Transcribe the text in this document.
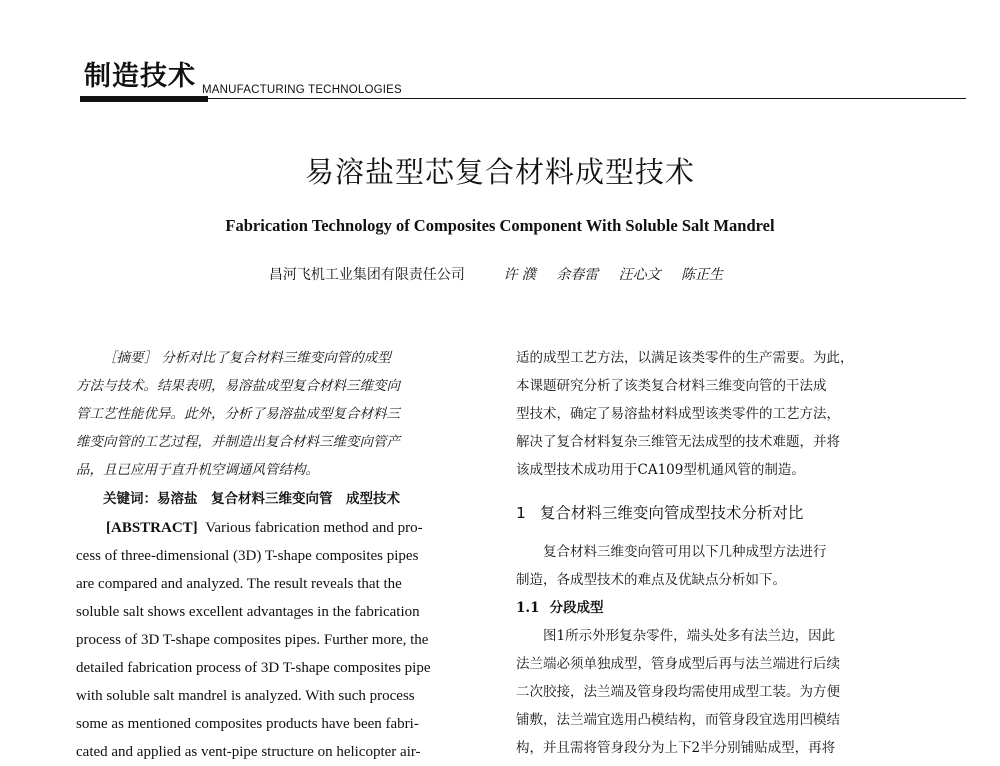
制造技术 MANUFACTURING TECHNOLOGIES
易溶盐型芯复合材料成型技术
Fabrication Technology of Composites Component With Soluble Salt Mandrel
昌河飞机工业集团有限责任公司	许 濮 余春雷 汪心文 陈正生

［摘要］ 分析对比了复合材料三维变向管的成型

方法与技术。结果表明，易溶盐成型复合材料三维变向

管工艺性能优异。此外，分析了易溶盐成型复合材料三

维变向管的工艺过程，并制造出复合材料三维变向管产

品，且已应用于直升机空调通风管结构。

关键词：易溶盐　复合材料三维变向管　成型技术

[ABSTRACT] Various fabrication method and pro-

cess of three-dimensional (3D) T-shape composites pipes

are compared and analyzed. The result reveals that the

soluble salt shows excellent advantages in the fabrication

process of 3D T-shape composites pipes. Further more, the

detailed fabrication process of 3D T-shape composites pipe

with soluble salt mandrel is analyzed. With such process

some as mentioned composites products have been fabri-

cated and applied as vent-pipe structure on helicopter air-

适的成型工艺方法，以满足该类零件的生产需要。为此，

本课题研究分析了该类复合材料三维变向管的干法成

型技术，确定了易溶盐材料成型该类零件的工艺方法，

解决了复合材料复杂三维管无法成型的技术难题，并将

该成型技术成功用于CA109型机通风管的制造。

1 复合材料三维变向管成型技术分析对比

复合材料三维变向管可用以下几种成型方法进行

制造，各成型技术的难点及优缺点分析如下。

1.1 分段成型

图1所示外形复杂零件，端头处多有法兰边，因此

法兰端必须单独成型，管身成型后再与法兰端进行后续

二次胶接，法兰端及管身段均需使用成型工装。为方便

铺敷，法兰端宜选用凸模结构，而管身段宜选用凹模结

构，并且需将管身段分为上下2半分别铺贴成型，再将
